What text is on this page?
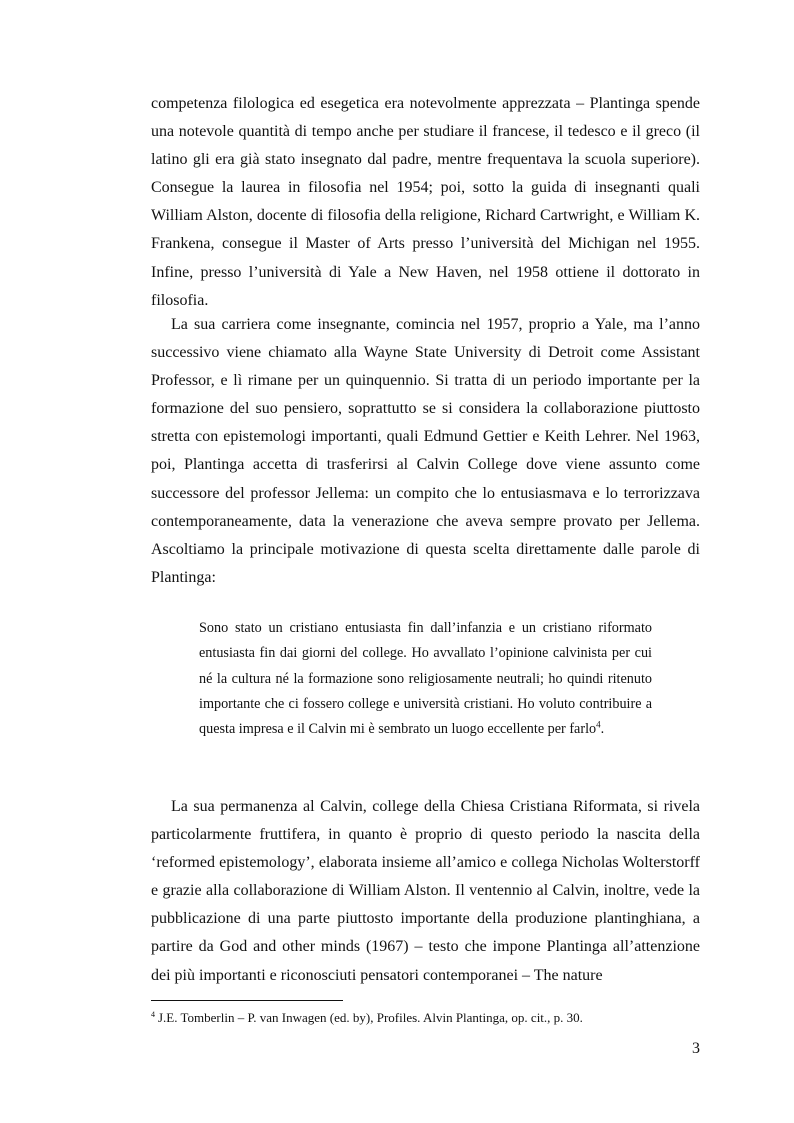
competenza filologica ed esegetica era notevolmente apprezzata – Plantinga spende una notevole quantità di tempo anche per studiare il francese, il tedesco e il greco (il latino gli era già stato insegnato dal padre, mentre frequentava la scuola superiore). Consegue la laurea in filosofia nel 1954; poi, sotto la guida di insegnanti quali William Alston, docente di filosofia della religione, Richard Cartwright, e William K. Frankena, consegue il Master of Arts presso l’università del Michigan nel 1955. Infine, presso l’università di Yale a New Haven, nel 1958 ottiene il dottorato in filosofia.

La sua carriera come insegnante, comincia nel 1957, proprio a Yale, ma l’anno successivo viene chiamato alla Wayne State University di Detroit come Assistant Professor, e lì rimane per un quinquennio. Si tratta di un periodo importante per la formazione del suo pensiero, soprattutto se si considera la collaborazione piuttosto stretta con epistemologi importanti, quali Edmund Gettier e Keith Lehrer. Nel 1963, poi, Plantinga accetta di trasferirsi al Calvin College dove viene assunto come successore del professor Jellema: un compito che lo entusiasmava e lo terrorizzava contemporaneamente, data la venerazione che aveva sempre provato per Jellema. Ascoltiamo la principale motivazione di questa scelta direttamente dalle parole di Plantinga:

Sono stato un cristiano entusiasta fin dall’infanzia e un cristiano riformato entusiasta fin dai giorni del college. Ho avvallato l’opinione calvinista per cui né la cultura né la formazione sono religiosamente neutrali; ho quindi ritenuto importante che ci fossero college e università cristiani. Ho voluto contribuire a questa impresa e il Calvin mi è sembrato un luogo eccellente per farlo$^4$.

La sua permanenza al Calvin, college della Chiesa Cristiana Riformata, si rivela particolarmente fruttifera, in quanto è proprio di questo periodo la nascita della ‘reformed epistemology’, elaborata insieme all’amico e collega Nicholas Wolterstorff e grazie alla collaborazione di William Alston. Il ventennio al Calvin, inoltre, vede la pubblicazione di una parte piuttosto importante della produzione plantinghiana, a partire da God and other minds (1967) – testo che impone Plantinga all’attenzione dei più importanti e riconosciuti pensatori contemporanei – The nature

$^4$ J.E. Tomberlin – P. van Inwagen (ed. by), Profiles. Alvin Plantinga, op. cit., p. 30.
3
